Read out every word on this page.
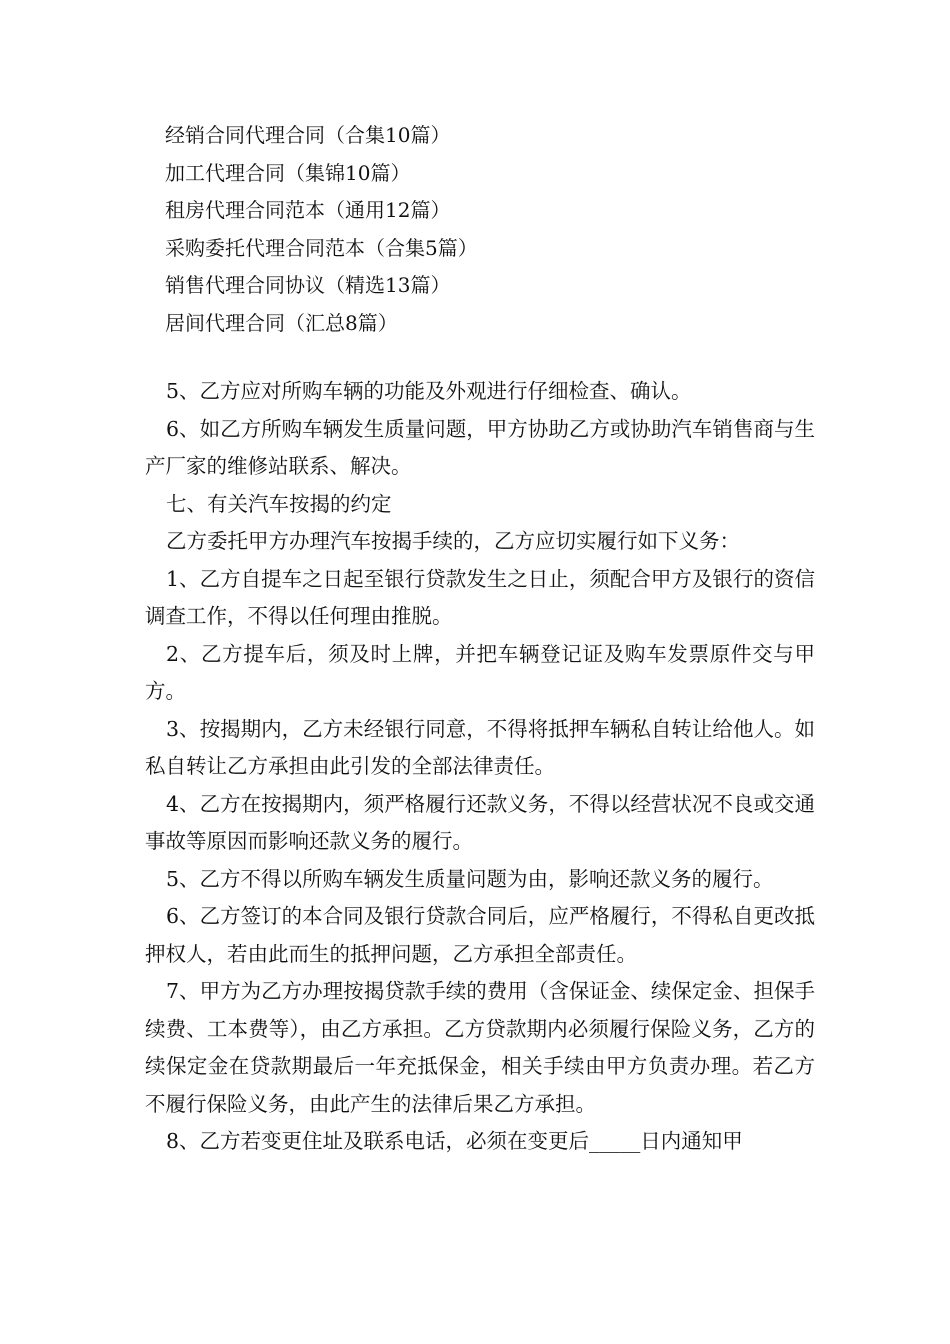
经销合同代理合同（合集10篇）
加工代理合同（集锦10篇）
租房代理合同范本（通用12篇）
采购委托代理合同范本（合集5篇）
销售代理合同协议（精选13篇）
居间代理合同（汇总8篇）

5、乙方应对所购车辆的功能及外观进行仔细检查、确认。

6、如乙方所购车辆发生质量问题，甲方协助乙方或协助汽车销售商与生产厂家的维修站联系、解决。

七、有关汽车按揭的约定

乙方委托甲方办理汽车按揭手续的，乙方应切实履行如下义务：

1、乙方自提车之日起至银行贷款发生之日止，须配合甲方及银行的资信调查工作，不得以任何理由推脱。

2、乙方提车后，须及时上牌，并把车辆登记证及购车发票原件交与甲方。

3、按揭期内，乙方未经银行同意，不得将抵押车辆私自转让给他人。如私自转让乙方承担由此引发的全部法律责任。

4、乙方在按揭期内，须严格履行还款义务，不得以经营状况不良或交通事故等原因而影响还款义务的履行。

5、乙方不得以所购车辆发生质量问题为由，影响还款义务的履行。

6、乙方签订的本合同及银行贷款合同后，应严格履行，不得私自更改抵押权人，若由此而生的抵押问题，乙方承担全部责任。

7、甲方为乙方办理按揭贷款手续的费用（含保证金、续保定金、担保手续费、工本费等），由乙方承担。乙方贷款期内必须履行保险义务，乙方的续保定金在贷款期最后一年充抵保金，相关手续由甲方负责办理。若乙方不履行保险义务，由此产生的法律后果乙方承担。

8、乙方若变更住址及联系电话，必须在变更后_____日内通知甲
